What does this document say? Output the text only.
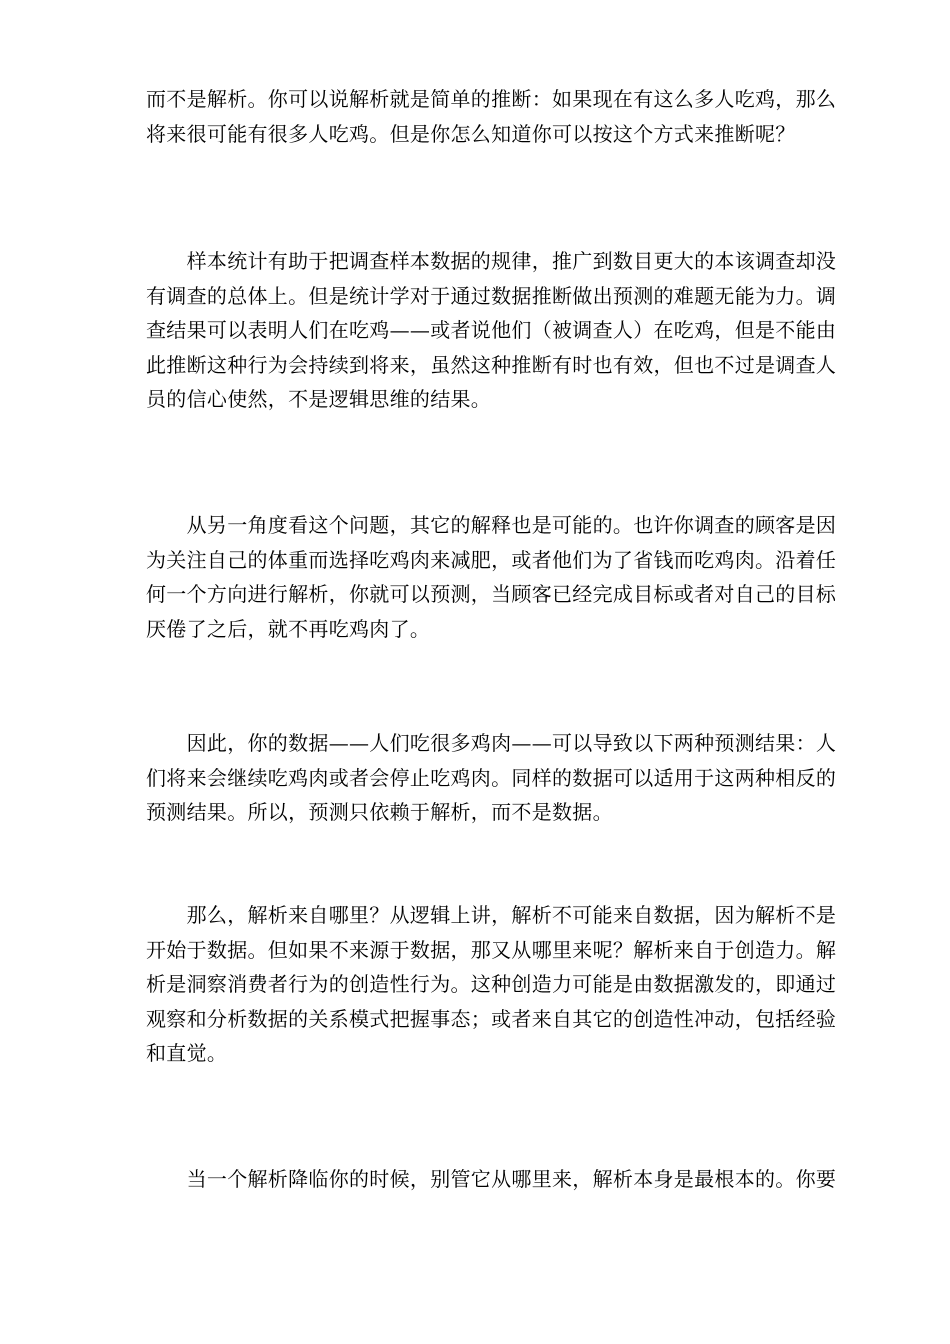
而不是解析。你可以说解析就是简单的推断：如果现在有这么多人吃鸡，那么
将来很可能有很多人吃鸡。但是你怎么知道你可以按这个方式来推断呢？

　　样本统计有助于把调查样本数据的规律，推广到数目更大的本该调查却没
有调查的总体上。但是统计学对于通过数据推断做出预测的难题无能为力。调
查结果可以表明人们在吃鸡——或者说他们（被调查人）在吃鸡，但是不能由
此推断这种行为会持续到将来，虽然这种推断有时也有效，但也不过是调查人
员的信心使然，不是逻辑思维的结果。

　　从另一角度看这个问题，其它的解释也是可能的。也许你调查的顾客是因
为关注自己的体重而选择吃鸡肉来减肥，或者他们为了省钱而吃鸡肉。沿着任
何一个方向进行解析，你就可以预测，当顾客已经完成目标或者对自己的目标
厌倦了之后，就不再吃鸡肉了。

　　因此，你的数据——人们吃很多鸡肉——可以导致以下两种预测结果：人
们将来会继续吃鸡肉或者会停止吃鸡肉。同样的数据可以适用于这两种相反的
预测结果。所以，预测只依赖于解析，而不是数据。

　　那么，解析来自哪里？从逻辑上讲，解析不可能来自数据，因为解析不是
开始于数据。但如果不来源于数据，那又从哪里来呢？解析来自于创造力。解
析是洞察消费者行为的创造性行为。这种创造力可能是由数据激发的，即通过
观察和分析数据的关系模式把握事态；或者来自其它的创造性冲动，包括经验
和直觉。

　　当一个解析降临你的时候，别管它从哪里来，解析本身是最根本的。你要
